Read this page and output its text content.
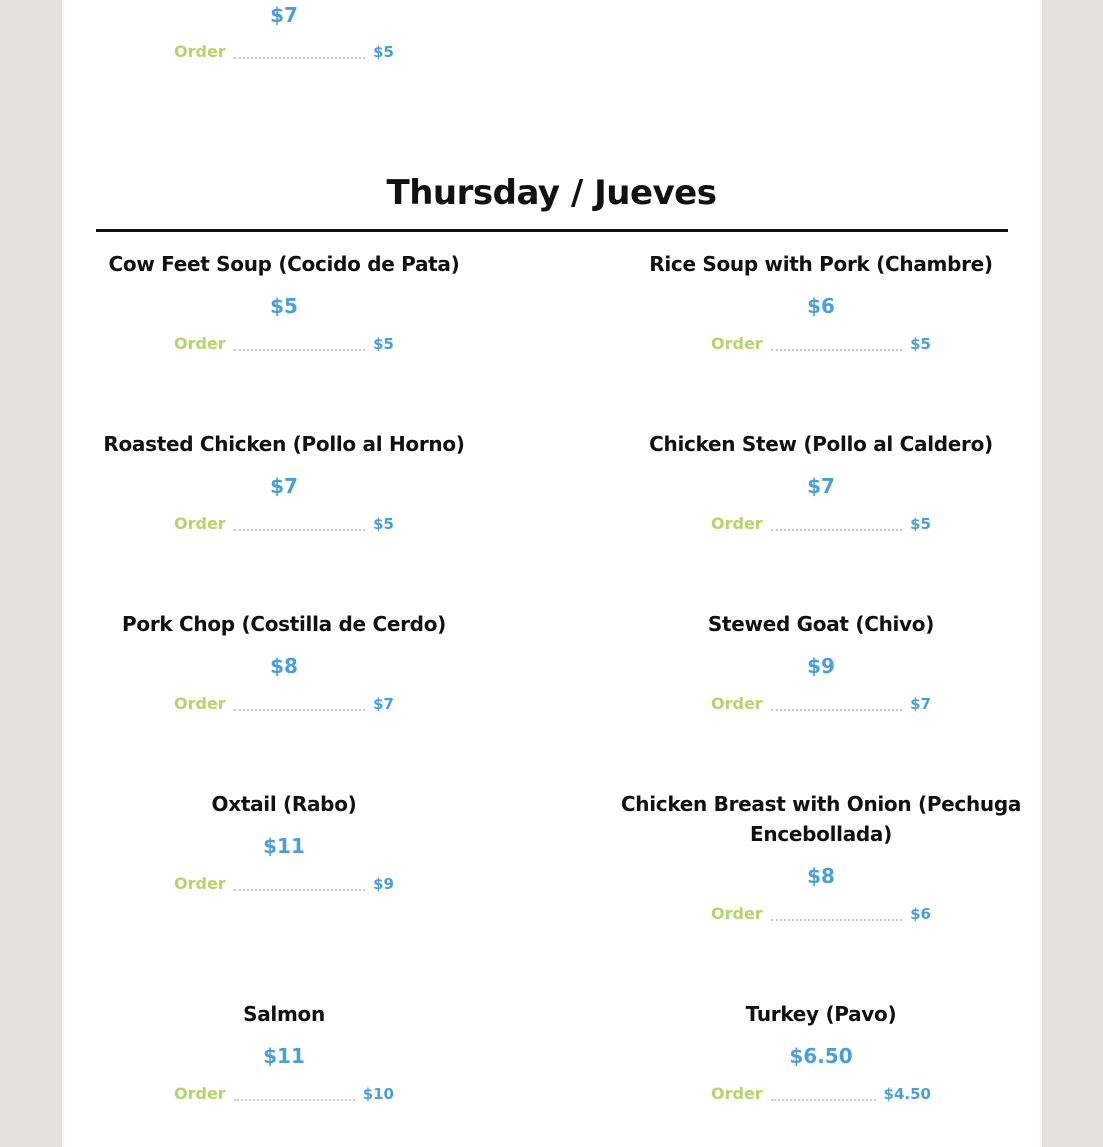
$7
Order	$5
Thursday / Jueves
Cow Feet Soup (Cocido de Pata)
$5
Order	$5
Roasted Chicken (Pollo al Horno)
$7
Order	$5
Pork Chop (Costilla de Cerdo)
$8
Order	$7
Oxtail (Rabo)
$11
Order	$9
Salmon
$11
Order	$10
Rice Soup with Pork (Chambre)
$6
Order	$5
Chicken Stew (Pollo al Caldero)
$7
Order	$5
Stewed Goat (Chivo)
$9
Order	$7
Chicken Breast with Onion (Pechuga Encebollada)
$8
Order	$6
Turkey (Pavo)
$6.50
Order	$4.50
